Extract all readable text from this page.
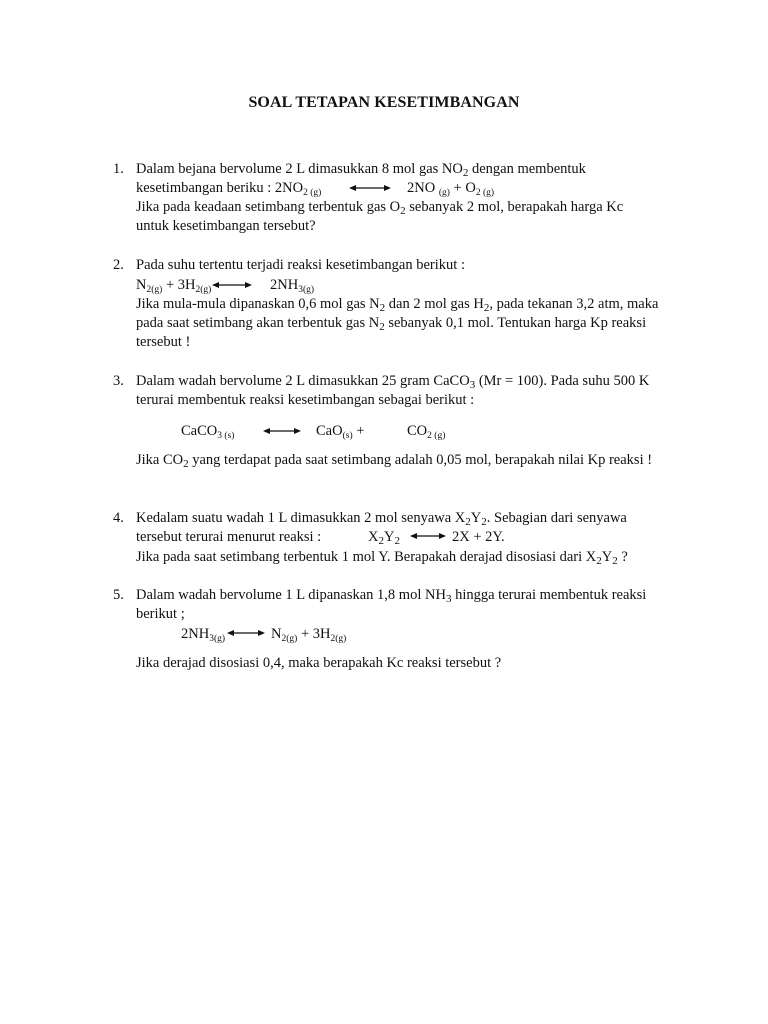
SOAL TETAPAN KESETIMBANGAN
1. Dalam bejana bervolume 2 L dimasukkan 8 mol gas $NO_2$ dengan membentuk
kesetimbangan beriku : $2NO_{2 (g)}$	2NO $_{(g)} + O_{2 (g)}$
Jika pada keadaan setimbang terbentuk gas $O_2$ sebanyak 2 mol, berapakah harga Kc
untuk kesetimbangan tersebut?
2. Pada suhu tertentu terjadi reaksi kesetimbangan berikut :
$N_{2(g)} + 3H_{2(g)}$	$2NH_{3(g)}$
Jika mula-mula dipanaskan 0,6 mol gas $N_2$ dan 2 mol gas $H_2$, pada tekanan 3,2 atm, maka
pada saat setimbang akan terbentuk gas $N_2$ sebanyak 0,1 mol. Tentukan harga Kp reaksi
tersebut !
3. Dalam wadah bervolume 2 L dimasukkan 25 gram CaCO$_3$ (Mr = 100). Pada suhu 500 K
terurai membentuk reaksi kesetimbangan sebagai berikut :
CaCO$_{3 (s)}$	CaO$_{(s)}$ +	$CO_{2 (g)}$
Jika $CO_2$ yang terdapat pada saat setimbang adalah 0,05 mol, berapakah nilai Kp reaksi !
4. Kedalam suatu wadah 1 L dimasukkan 2 mol senyawa $X_2Y_2$. Sebagian dari senyawa
tersebut terurai menurut reaksi :	$X_2Y_2$	2X + 2Y.
Jika pada saat setimbang terbentuk 1 mol Y. Berapakah derajad disosiasi dari $X_2Y_2$ ?
5. Dalam wadah bervolume 1 L dipanaskan 1,8 mol $NH_3$ hingga terurai membentuk reaksi
berikut ;
$2NH_{3(g)}$	$N_{2(g)} + 3H_{2(g)}$
Jika derajad disosiasi 0,4, maka berapakah Kc reaksi tersebut ?
